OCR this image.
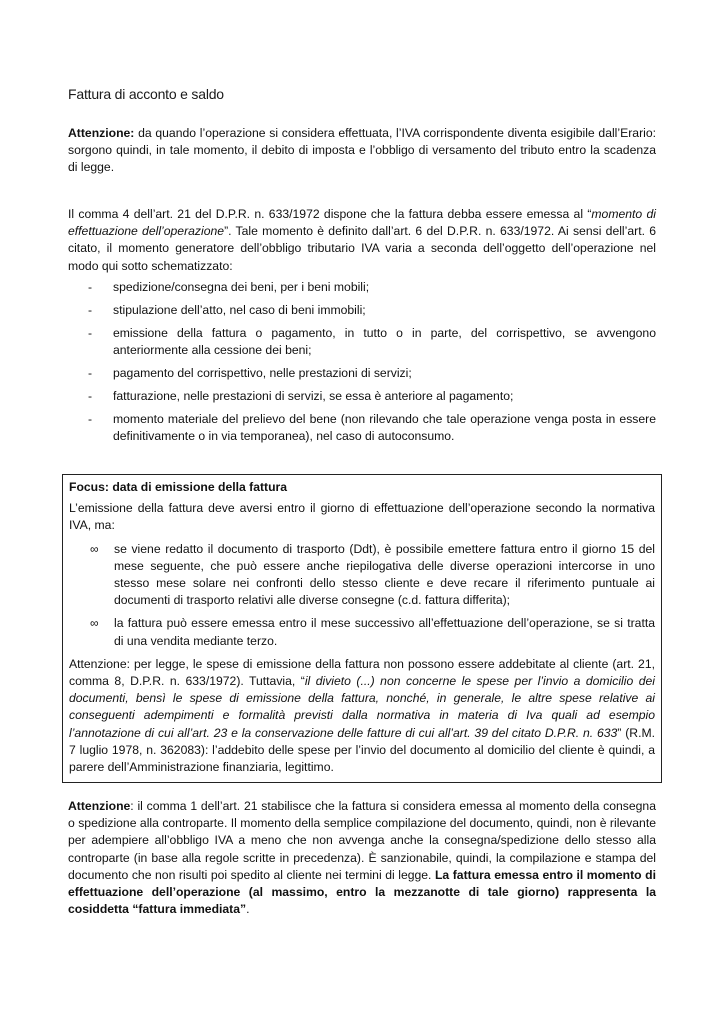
Fattura di acconto e saldo

Attenzione: da quando l’operazione si considera effettuata, l’IVA corrispondente diventa esigibile dall’Erario: sorgono quindi, in tale momento, il debito di imposta e l’obbligo di versamento del tributo entro la scadenza di legge.

Il comma 4 dell’art. 21 del D.P.R. n. 633/1972 dispone che la fattura debba essere emessa al “momento di effettuazione dell’operazione”. Tale momento è definito dall’art. 6 del D.P.R. n. 633/1972. Ai sensi dell’art. 6 citato, il momento generatore dell’obbligo tributario IVA varia a seconda dell’oggetto dell’operazione nel modo qui sotto schematizzato:

- spedizione/consegna dei beni, per i beni mobili;
- stipulazione dell’atto, nel caso di beni immobili;
- emissione della fattura o pagamento, in tutto o in parte, del corrispettivo, se avvengono anteriormente alla cessione dei beni;
- pagamento del corrispettivo, nelle prestazioni di servizi;
- fatturazione, nelle prestazioni di servizi, se essa è anteriore al pagamento;
- momento materiale del prelievo del bene (non rilevando che tale operazione venga posta in essere definitivamente o in via temporanea), nel caso di autoconsumo.

Focus: data di emissione della fattura

L’emissione della fattura deve aversi entro il giorno di effettuazione dell’operazione secondo la normativa IVA, ma:

∞ se viene redatto il documento di trasporto (Ddt), è possibile emettere fattura entro il giorno 15 del mese seguente, che può essere anche riepilogativa delle diverse operazioni intercorse in uno stesso mese solare nei confronti dello stesso cliente e deve recare il riferimento puntuale ai documenti di trasporto relativi alle diverse consegne (c.d. fattura differita);
∞ la fattura può essere emessa entro il mese successivo all’effettuazione dell’operazione, se si tratta di una vendita mediante terzo.

Attenzione: per legge, le spese di emissione della fattura non possono essere addebitate al cliente (art. 21, comma 8, D.P.R. n. 633/1972). Tuttavia, “il divieto (...) non concerne le spese per l’invio a domicilio dei documenti, bensì le spese di emissione della fattura, nonché, in generale, le altre spese relative ai conseguenti adempimenti e formalità previsti dalla normativa in materia di Iva quali ad esempio l’annotazione di cui all’art. 23 e la conservazione delle fatture di cui all’art. 39 del citato D.P.R. n. 633” (R.M. 7 luglio 1978, n. 362083): l’addebito delle spese per l’invio del documento al domicilio del cliente è quindi, a parere dell’Amministrazione finanziaria, legittimo.

Attenzione: il comma 1 dell’art. 21 stabilisce che la fattura si considera emessa al momento della consegna o spedizione alla controparte. Il momento della semplice compilazione del documento, quindi, non è rilevante per adempiere all’obbligo IVA a meno che non avvenga anche la consegna/spedizione dello stesso alla controparte (in base alla regole scritte in precedenza). È sanzionabile, quindi, la compilazione e stampa del documento che non risulti poi spedito al cliente nei termini di legge. La fattura emessa entro il momento di effettuazione dell’operazione (al massimo, entro la mezzanotte di tale giorno) rappresenta la cosiddetta “fattura immediata”.
